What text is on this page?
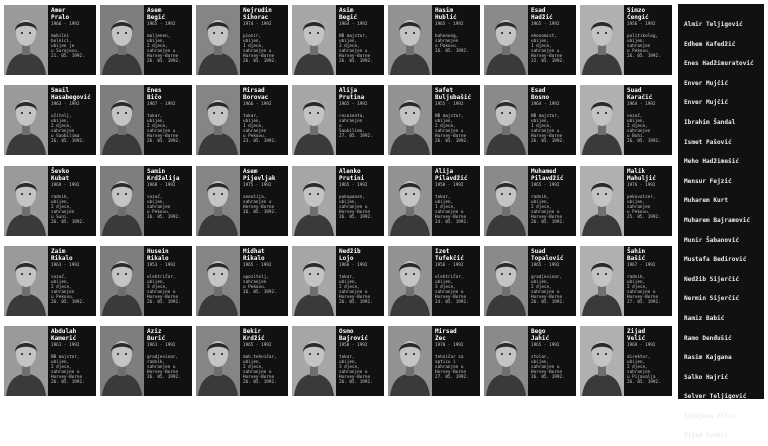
Amer
Pralo
1966 - 1992
mobilni
bolnici,
ubijen je
u Sarajevu.
21. 05. 1992.
Asem
Begić
1965 - 1992
maljenen,
ubijen,
2 djece,
sahranjen u
Horvey-Borne
26. 05. 1992.
Nejrudin
Sihorac
1974 - 1992
pionir,
ubijen,
1 djece,
sahranjen u
Horvey-Borne
26. 05. 1992.
Asim
Begić
1964 - 1992
NB majstor,
ubijen,
3 djece,
sahranjen u
Horvey-Borne
26. 05. 1992.
Hasim
Hublić
1965 - 1992
bahenong,
sahranjen
u Pakovu.
26. 05. 1992.
Esad
Hadžić
1965 - 1992
ekonomist,
ubijen,
1 djece,
sahranjen u
Horvey-Borne
22. 05. 1992.
Simzo
Ćengić
1956 - 1992
politikolog,
ubijen,
sahranjen
u Pekovu.
26. 05. 1992.
Smail
Hasabegović
1963 - 1992
učitelj,
ubijen,
2 djece,
sahranjen
u Saobilima
26. 05. 1992.
Enes
Bičo
1967 - 1992
tokar,
ubijen,
2 djece,
sahranjen u
Horvey-Borne
26. 05. 1992.
Mirsad
Borovac
1966 - 1992
tokar,
ubijen,
1 djece,
sahranjen
u Pekovu.
23. 05. 1992.
Alija
Prutina
1965 - 1992
recezenta,
sahranjen
u
Saobilima.
27. 05. 1992.
Safet
Buljubašić
1955 - 1992
NB majstor,
ubijen,
2 djece,
sahranjen u
Horvey-Borne
26. 05. 1992.
Esad
Bosno
1964 - 1992
NB majstor,
ubijen,
1 djece,
sahranjen u
Horvey-Borne
26. 05. 1992.
Suad
Karačić
1964 - 1992
vozač,
ubijen,
2 djece,
sahranjen
u Buhi.
26. 05. 1992.
Ševko
Kubat
1969 - 1992
radnik,
ubijen,
2 djece,
sahranjen
u Suni.
26. 05. 1992.
Samin
Krdžalija
1968 - 1992
vozač,
ubijen,
sahranjen
u Pekovu.
26. 05. 1992.
Asem
Pijevljak
1975 - 1992
aneutija,
sahranjen u
Horvey-Borne
26. 05. 1992.
Alenko
Prutini
1965 - 1992
pokopanen,
ubijen,
sahranjen u
Horvey-Borne
26. 05. 1992.
Alija
Pilavdžić
1958 - 1992
tokar,
ubijen,
1 djece,
sahranjen u
Horvey-Borne
24. 05. 1992.
Muhamed
Pilavdžić
1965 - 1992
radnik,
ubijen,
2 djece,
sahranjen u
Horvey-Borne
26. 05. 1992.
Malik
Mahuljić
1976 - 1992
pekovatzer,
ubijen,
sahranjen
u Pekovu.
25. 05. 1992.
Zaim
Rikalo
1963 - 1992
vozač,
ubijen,
2 djece,
sahranjen
u Pekovu.
26. 05. 1992.
Husein
Rikalo
1953 - 1992
električar,
ubijen,
3 djece,
sahranjen u
Horvey-Borne
26. 05. 1992.
Midhat
Rikalo
1965 - 1992
upozitelj,
sahranjen
u Pekovu.
26. 05. 1992.
Nedžib
Lojo
1966 - 1992
tokar,
ubijen,
2 djece,
sahranjen u
Horvey-Borne
26. 05. 1992.
Izet
Tufekčić
1956 - 1992
električar,
ubijen,
3 djece,
sahranjen u
Horvey-Borne
24. 05. 1992.
Suad
Topalović
1965 - 1992
gradjevinar,
ubijen,
2 djece,
sahranjen u
Horvey-Borne
26. 05. 1992.
Šahin
Bašić
1967 - 1992
radnik,
ubijen,
2 djece,
sahranjen u
Horvey-Borne
27. 05. 1992.
Abdulah
Kamerić
1961 - 1992
NB majstor,
ubijen,
2 djece,
sahranjen u
Horvey-Borne
26. 05. 1992.
Aziz
Burić
1961 - 1992
gradjevinar,
radnik,
sahranjen u
Horvey-Borne
26. 05. 1992.
Bekir
Krdžić
1965 - 1992
mah.tehničar,
ubijen,
2 djece,
sahranjen u
Horvey-Borne
26. 05. 1992.
Osmo
Bajrović
1950 - 1992
tokar,
ubijen,
3 djece,
sahranjen u
Horvey-Borne
26. 05. 1992.
Mirsad
Zec
1970 - 1992
tehničar za
opticu i
sahranjen u
Horvey-Borne
27. 05. 1992.
Bego
Jahić
1965 - 1992
stolar,
ubijen,
sahranjen u
Horvey-Borne
26. 05. 1992.
Zijad
Velić
1969 - 1992
direktor,
ubijen,
2 djece,
sahranjen
u Pijavalja
26. 05. 1992.
Almir Teljigović
Edhem Kafedžić
Enes Hadžimuratović
Enver Mujčić
Enver Mujčić
Ibrahim Šandal
Ismet Pašović
Meho Hadžimešić
Mensur Fejzić
Muharem Kurt
Muharem Bajramović
Munir Šabanović
Mustafa Bedirović
Nedžib Sijerčić
Nermin Sijerčić
Ramiz Babić
Ramo Denđušić
Rasim Kajgana
Salko Hajrić
Selver Teljigović
Sulejman Pilić
Zijad Evakić
